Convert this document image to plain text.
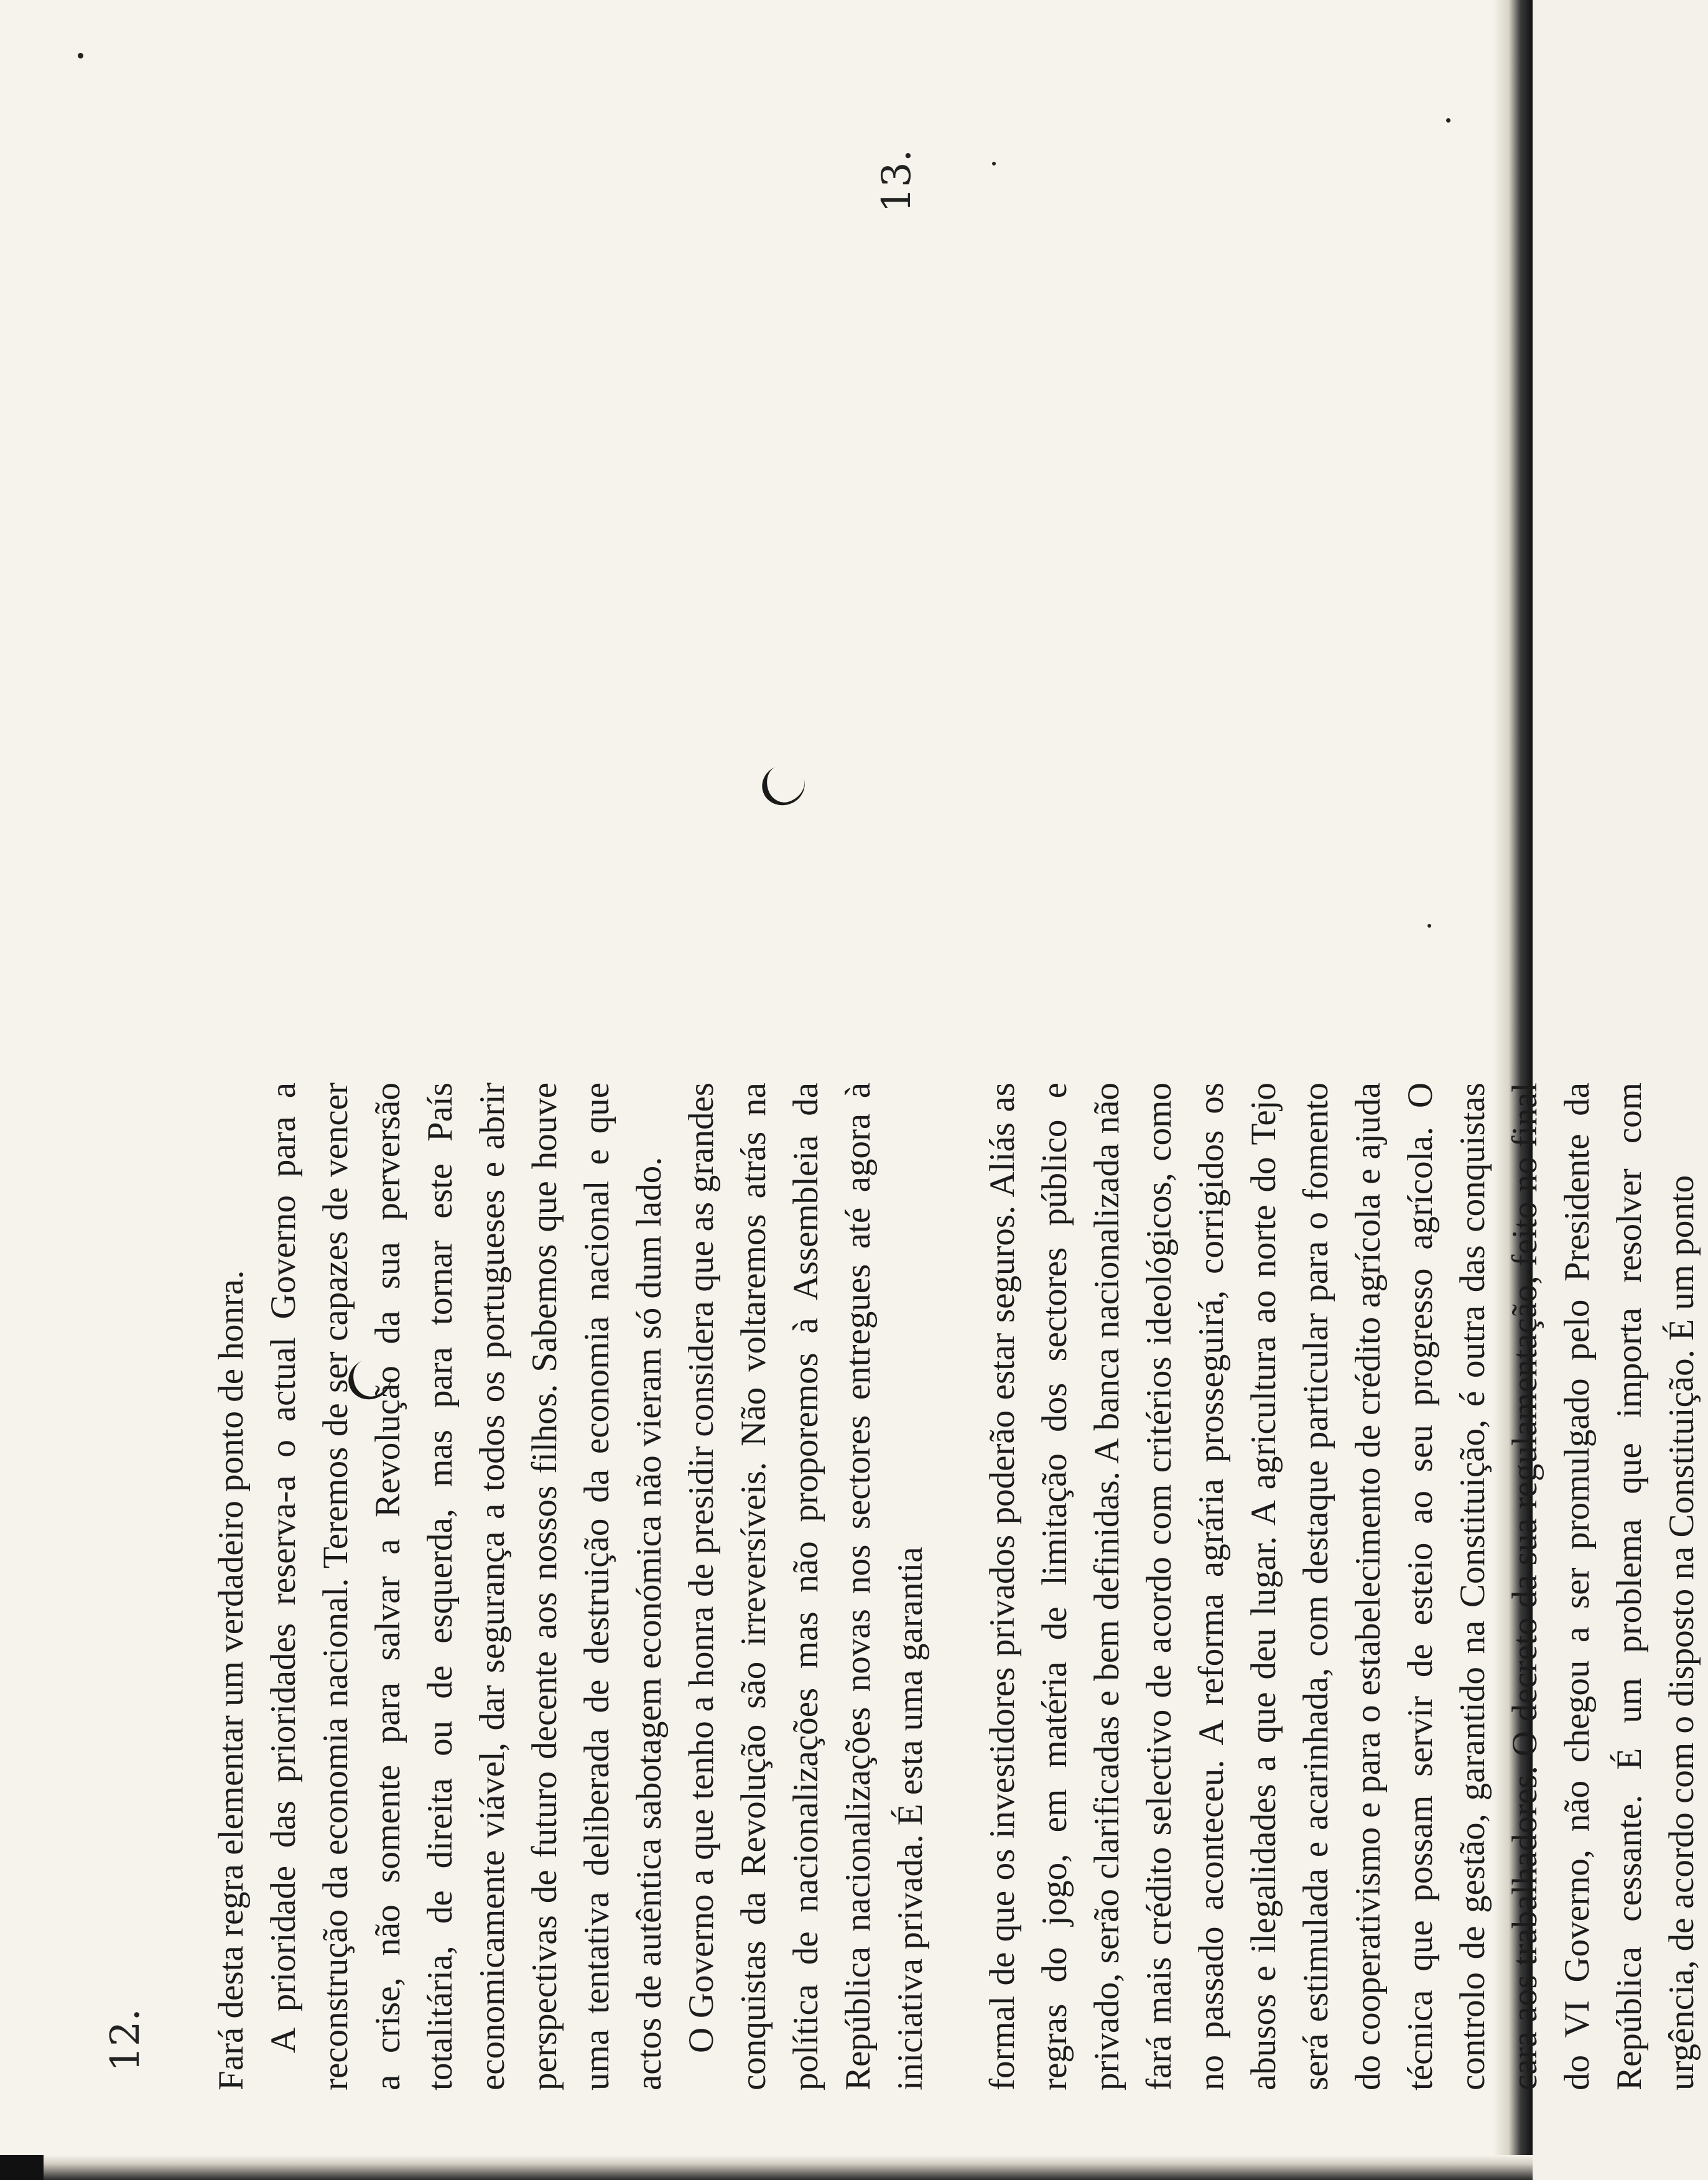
12. Fará desta regra elementar um verdadeiro ponto de honra. A prioridade das prioridades reserva-a o actual Governo para a reconstrução da economia nacional. Teremos de ser capazes de vencer a crise, não somente para salvar a Revolução da sua perversão totalitária, de direita ou de esquerda, mas para tornar este País economicamente viável, dar segurança a todos os portugueses e abrir perspectivas de futuro decente aos nossos filhos. Sabemos que houve uma tentativa deliberada de destruição da economia nacional e que actos de autêntica sabotagem económica não vieram só dum lado. O Governo a que tenho a honra de presidir considera que as grandes conquistas da Revolução são irreversíveis. Não voltaremos atrás na política de nacionalizações mas não proporemos à Assembleia da República nacionalizações novas nos sectores entregues até agora à iniciativa privada. É esta uma garantia

13.

formal de que os investidores privados poderão estar seguros. Aliás as regras do jogo, em matéria de limitação dos sectores público e privado, serão clarificadas e bem definidas. A banca nacionalizada não fará mais crédito selectivo de acordo com critérios ideológicos, como no passado aconteceu. A reforma agrária prosseguirá, corrigidos os abusos e ilegalidades a que deu lugar. A agricultura ao norte do Tejo será estimulada e acarinhada, com destaque particular para o fomento do cooperativismo e para o estabelecimento de crédito agrícola e ajuda técnica que possam servir de esteio ao seu progresso agrícola. O controlo de gestão, garantido na Constituição, é outra das conquistas cara aos trabalhadores. O decreto da sua regulamentação, feito no final do VI Governo, não chegou a ser promulgado pelo Presidente da República cessante. É um problema que importa resolver com urgência, de acordo com o disposto na Constituição. É um ponto
